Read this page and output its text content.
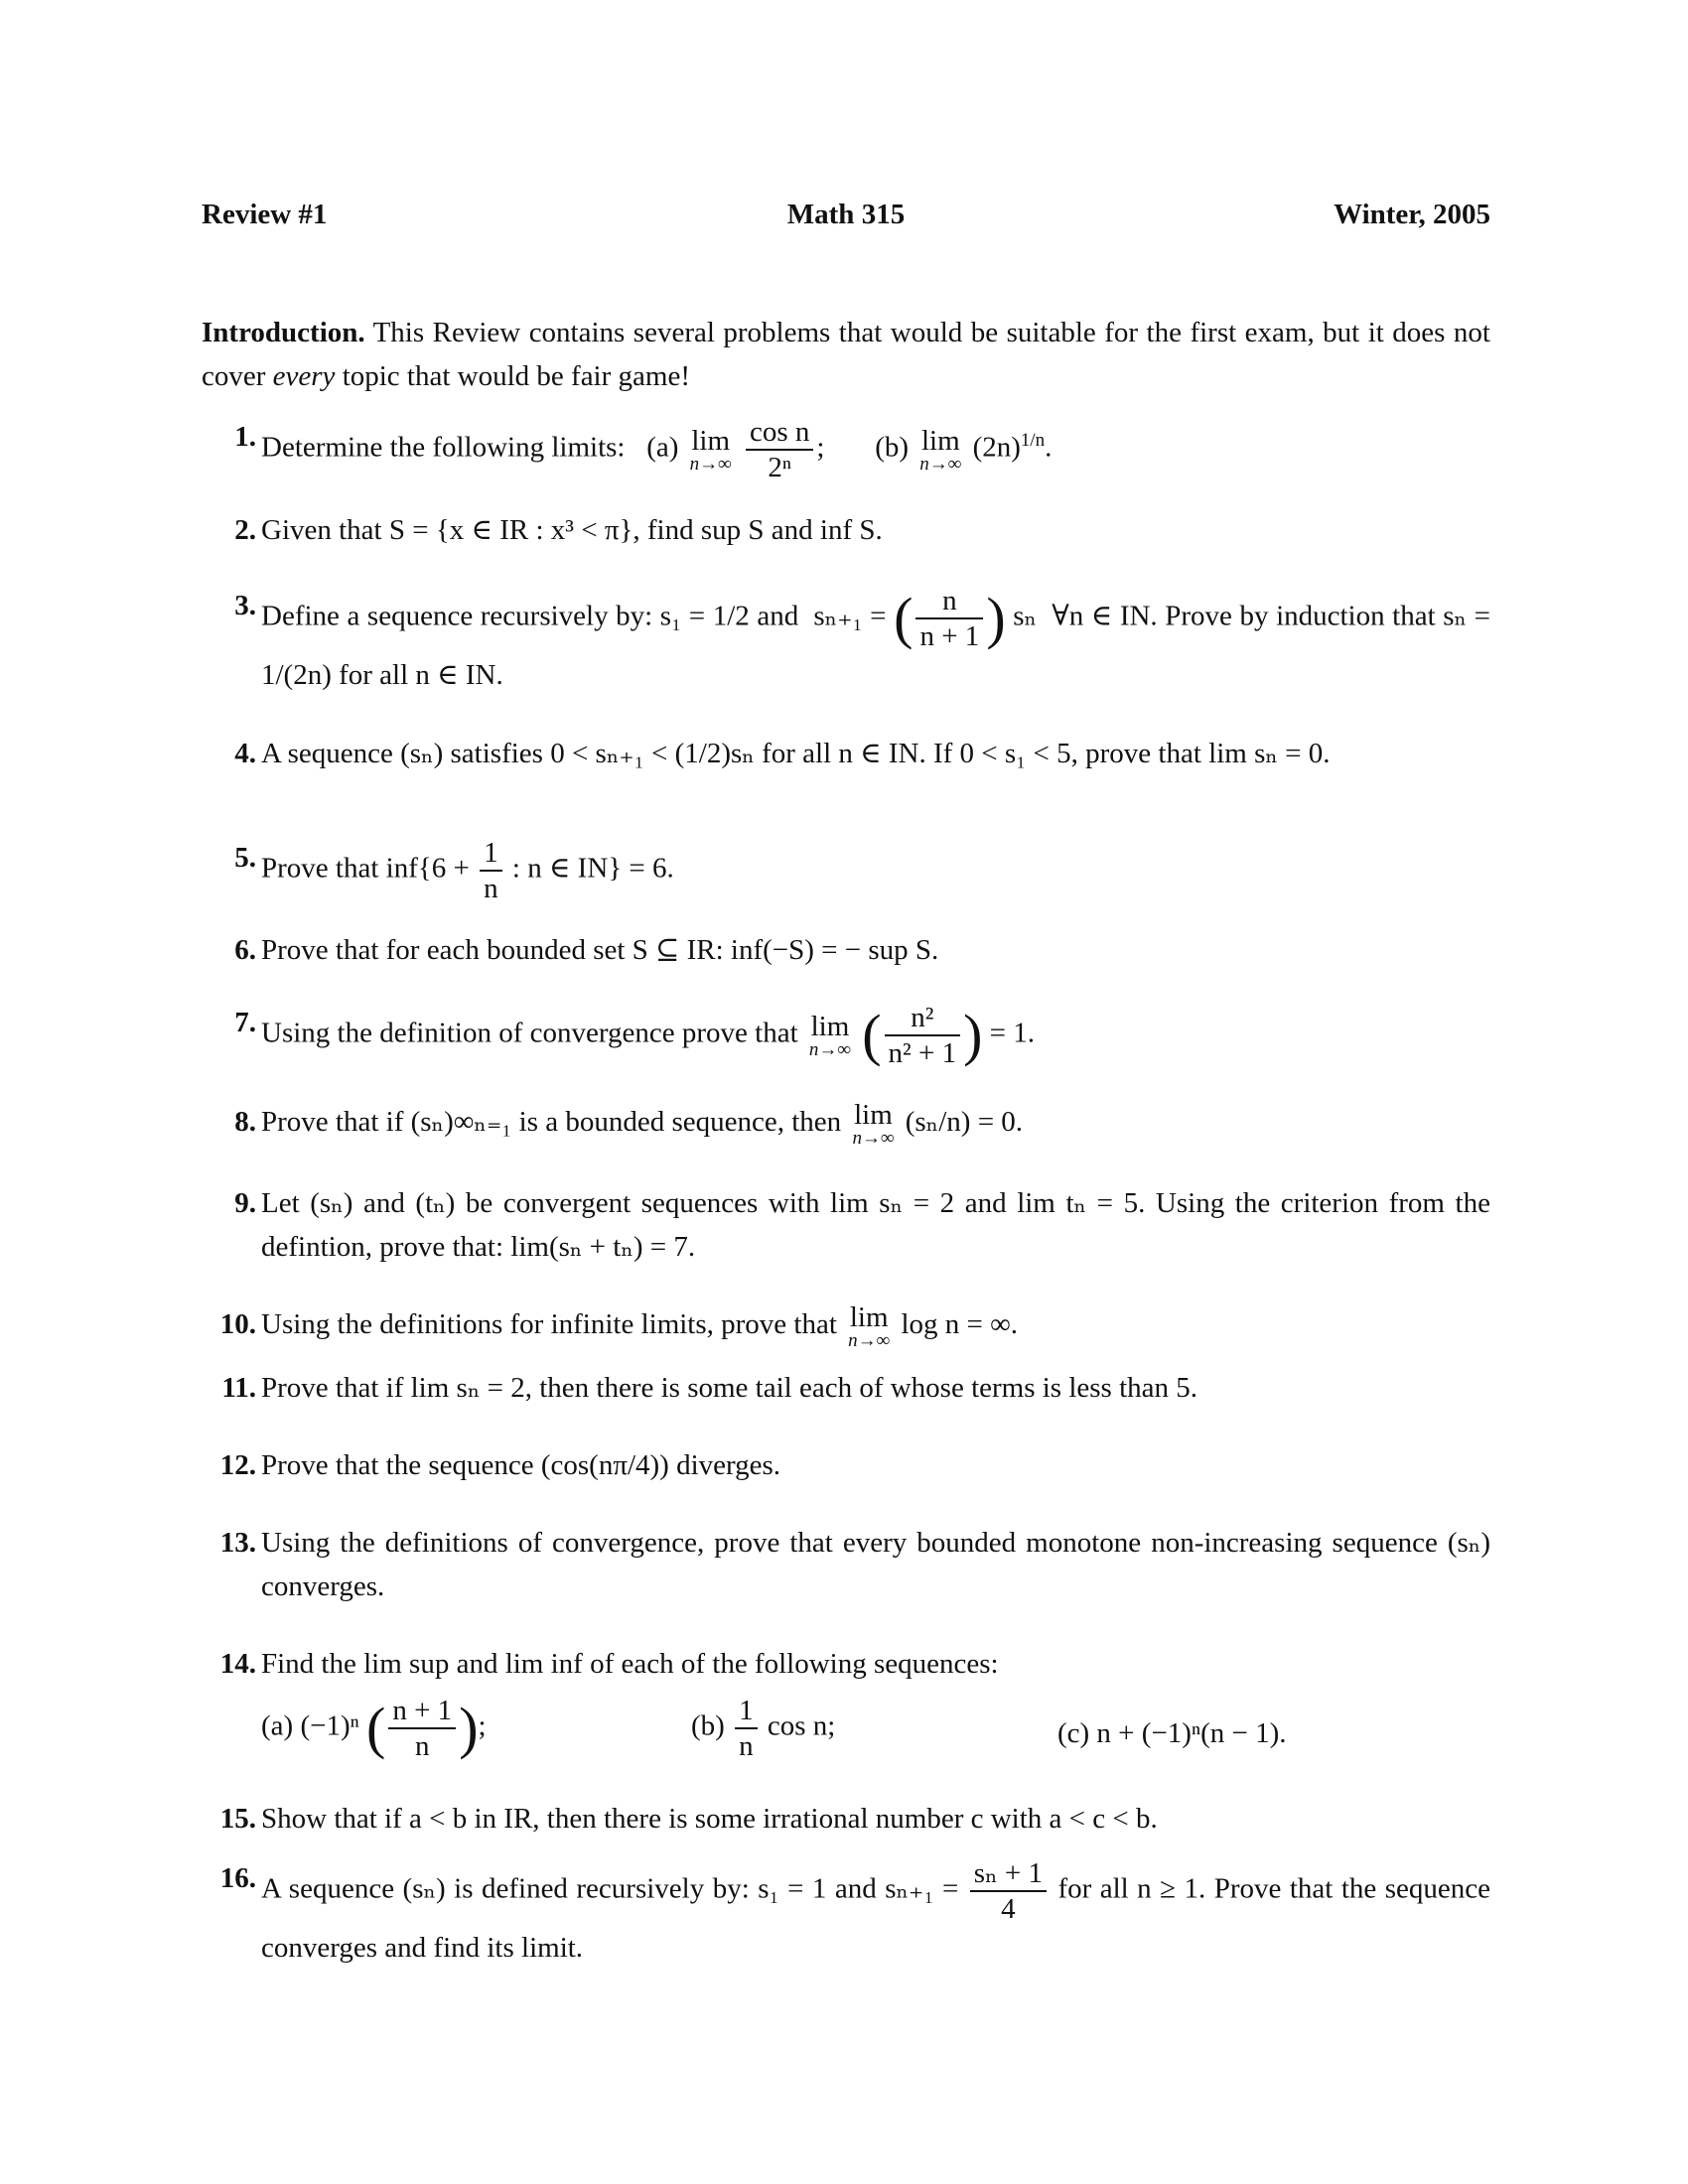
Review #1	Math 315	Winter, 2005
Introduction. This Review contains several problems that would be suitable for the first exam, but it does not cover every topic that would be fair game!
1. Determine the following limits: (a) lim
n→∞
$\frac{\text{cos n}}{\text{2ⁿ}}$ ;       (b) lim
n→∞
$(2n)^{1/n}$.
2. Given that S = {x ∈ IR : x³ < π}, find sup S and inf S.
3. Define a sequence recursively by: s₁ = 1/2 and sₙ₊₁ = ( $\frac{n}{n + 1}$ ) sₙ ∀n ∈ IN. Prove by induction that sₙ = 1/(2n) for all n ∈ IN.
4. A sequence (sₙ) satisfies 0 < sₙ₊₁ < (1/2)sₙ for all n ∈ IN. If 0 < s₁ < 5, prove that lim sₙ = 0.
5. Prove that $inf\{6 + \frac{1}{n}$ : n ∈ IN} = 6.
6. Prove that for each bounded set S ⊆ IR: inf(−S) = − sup S.
7. Using the definition of convergence prove that lim
n→∞ ( $\frac{\text{n²}}{\text{n² + 1}}$ ) = 1.
8. Prove that if (sₙ)∞ₙ₌₁ is a bounded sequence, then lim
n→∞
(sₙ/n) = 0.
9. Let (sₙ) and (tₙ) be convergent sequences with lim sₙ = 2 and lim tₙ = 5. Using the criterion from the defintion, prove that: lim(sₙ + tₙ) = 7.
10. Using the definitions for infinite limits, prove that lim
n→∞
log n = ∞.
11. Prove that if lim sₙ = 2, then there is some tail each of whose terms is less than 5.
12. Prove that the sequence (cos(nπ/4)) diverges.
13. Using the definitions of convergence, prove that every bounded monotone non-increasing sequence (sₙ) converges.
14. Find the lim sup and lim inf of each of the following sequences:
(a) (−1)ⁿ ( $\frac{n + 1}{n}$ );	$(b) \frac{1}{n}$ cos n;	(c) n + (−1)ⁿ(n − 1).
15. Show that if a < b in IR, then there is some irrational number c with a < c < b.
16. A sequence (sₙ) is defined recursively by: s₁ = 1 and $s_{n+1} = \frac{\text{sₙ + 1}}{4}$ for all n ≥ 1. Prove that the sequence converges and find its limit.
